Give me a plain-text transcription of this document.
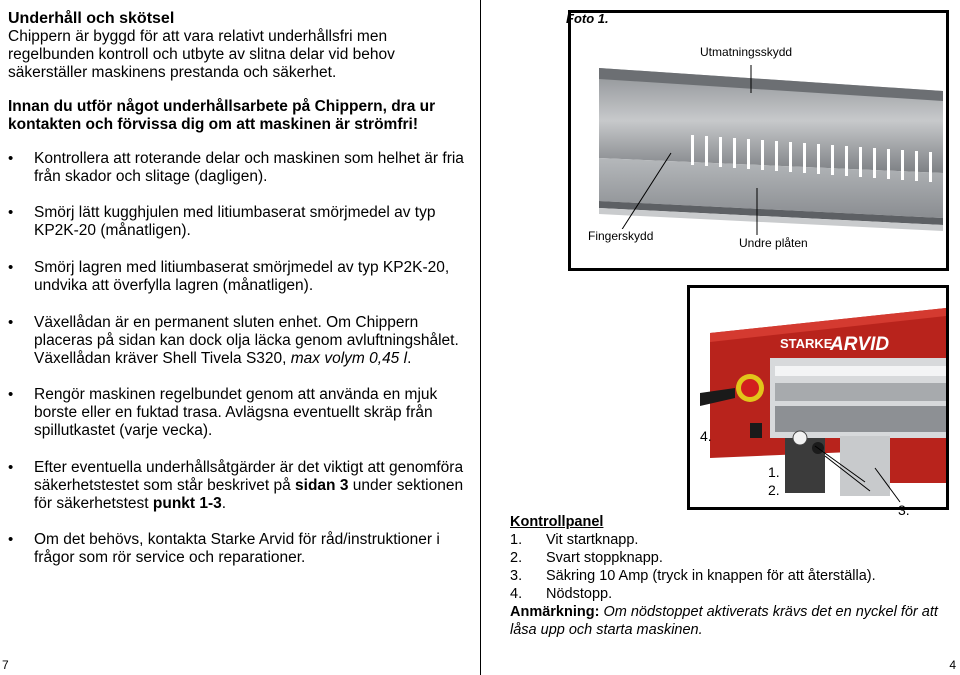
Underhåll och skötsel
Chippern är byggd för att vara relativt underhållsfri men regelbunden kontroll och utbyte av slitna delar vid behov säkerställer maskinens prestanda och säkerhet.
Innan du utför något underhållsarbete på Chippern, dra ur kontakten och förvissa dig om att maskinen är strömfri!
• Kontrollera att roterande delar och maskinen som helhet är fria från skador och slitage (dagligen).
• Smörj lätt kugghjulen med litiumbaserat smörjmedel av typ KP2K-20 (månatligen).
• Smörj lagren med litiumbaserat smörjmedel av typ KP2K-20, undvika att överfylla lagren (månatligen).
• Växellådan är en permanent sluten enhet. Om Chippern placeras på sidan kan dock olja läcka genom avluftningshålet. Växellådan kräver Shell Tivela S320, max volym 0,45 l.
• Rengör maskinen regelbundet genom att använda en mjuk borste eller en fuktad trasa. Avlägsna eventuellt skräp från spillutkastet (varje vecka).
• Efter eventuella underhållsåtgärder är det viktigt att genomföra säkerhetstestet som står beskrivet på sidan 3 under sektionen för säkerhetstest punkt 1-3.
• Om det behövs, kontakta Starke Arvid för råd/instruktioner i frågor som rör service och reparationer.
7	4
Foto 1.
Utmatningsskydd
Fingerskydd	Undre plåten
STARKE
ARVID
4.
1.
2.
3.
Kontrollpanel
1. Vit startknapp.
2. Svart stoppknapp.
3. Säkring 10 Amp (tryck in knappen för att återställa).
4. Nödstopp.
Anmärkning: Om nödstoppet aktiverats krävs det en nyckel för att låsa upp och starta maskinen.
